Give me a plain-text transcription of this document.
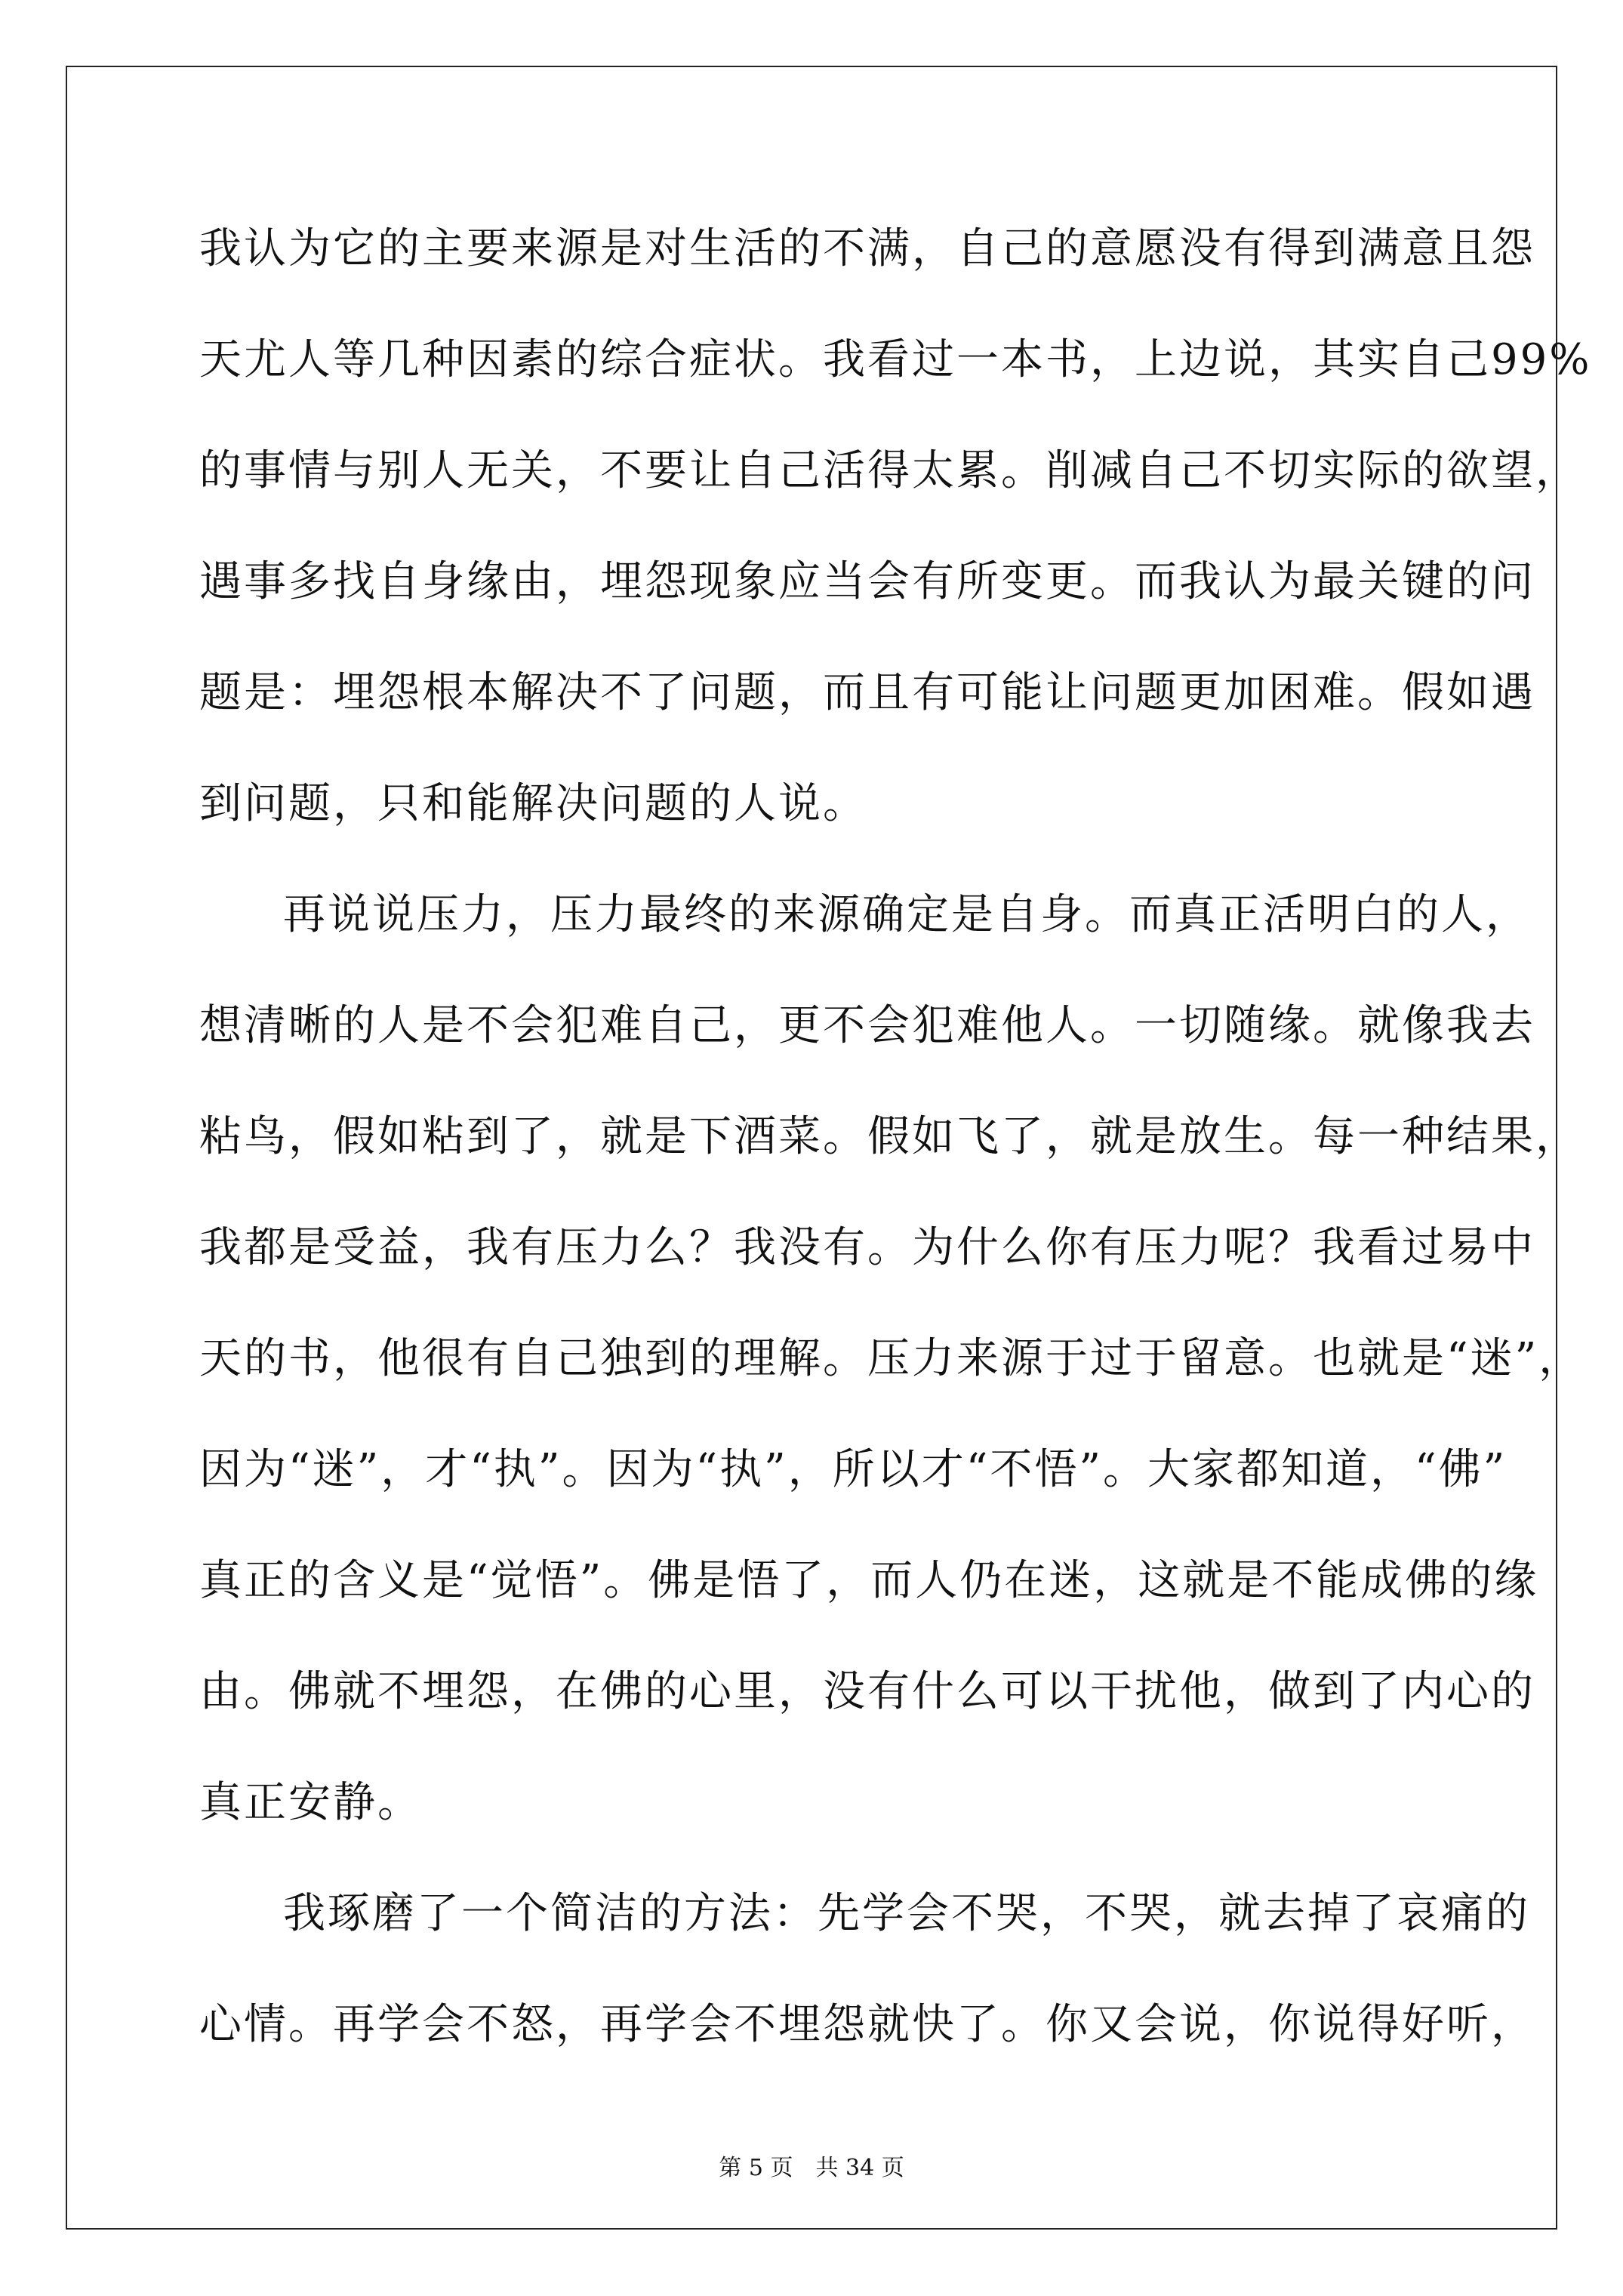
我认为它的主要来源是对生活的不满，自己的意愿没有得到满意且怨
天尤人等几种因素的综合症状。我看过一本书，上边说，其实自己99%
的事情与别人无关，不要让自己活得太累。削减自己不切实际的欲望，
遇事多找自身缘由，埋怨现象应当会有所变更。而我认为最关键的问
题是：埋怨根本解决不了问题，而且有可能让问题更加困难。假如遇
到问题，只和能解决问题的人说。
再说说压力，压力最终的来源确定是自身。而真正活明白的人，
想清晰的人是不会犯难自己，更不会犯难他人。一切随缘。就像我去
粘鸟，假如粘到了，就是下酒菜。假如飞了，就是放生。每一种结果，
我都是受益，我有压力么？我没有。为什么你有压力呢？我看过易中
天的书，他很有自己独到的理解。压力来源于过于留意。也就是“迷”，
因为“迷”，才“执”。因为“执”，所以才“不悟”。大家都知道，“佛”
真正的含义是“觉悟”。佛是悟了，而人仍在迷，这就是不能成佛的缘
由。佛就不埋怨，在佛的心里，没有什么可以干扰他，做到了内心的
真正安静。
我琢磨了一个简洁的方法：先学会不哭，不哭，就去掉了哀痛的
心情。再学会不怒，再学会不埋怨就快了。你又会说，你说得好听，
第 5 页　共 34 页
